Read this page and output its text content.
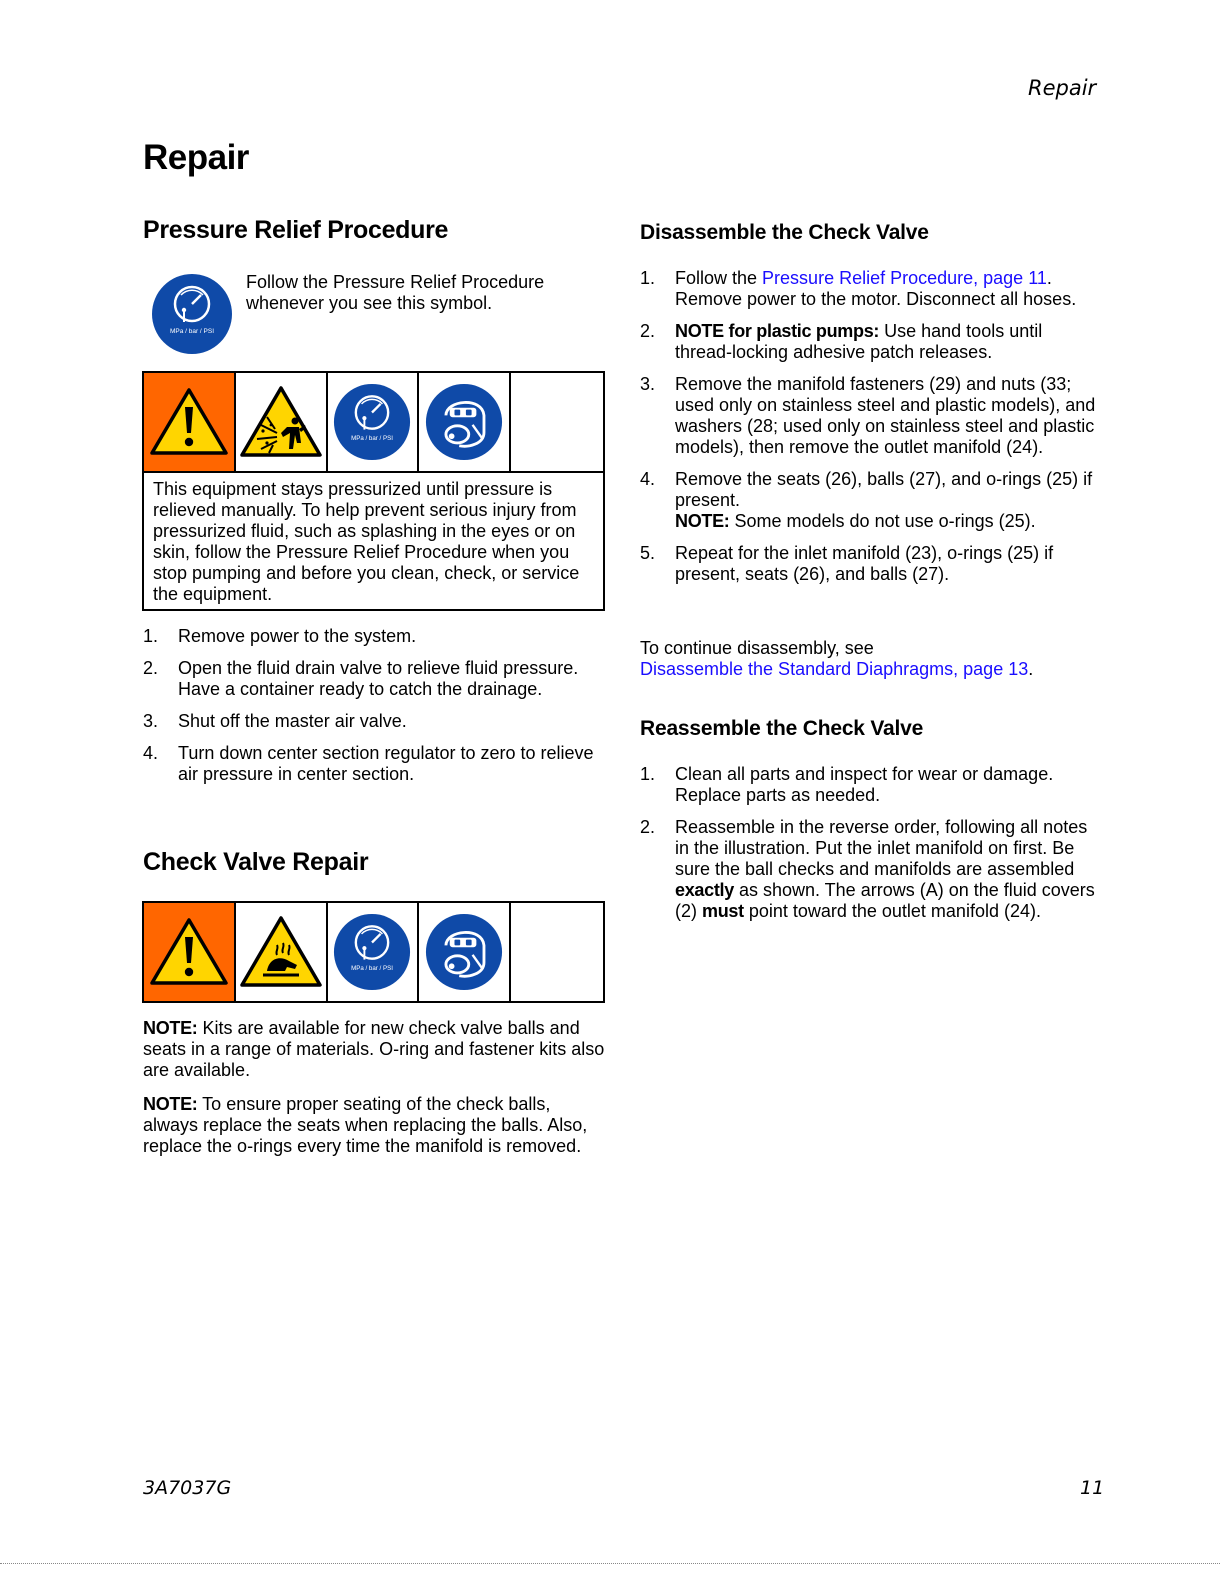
Repair
Repair
Pressure Relief Procedure
MPa / bar / PSI
Follow the Pressure Relief Procedure whenever you see this symbol.
MPa / bar / PSI
This equipment stays pressurized until pressure is relieved manually. To help prevent serious injury from pressurized fluid, such as splashing in the eyes or on skin, follow the Pressure Relief Procedure when you stop pumping and before you clean, check, or service the equipment.
1. Remove power to the system.
2. Open the fluid drain valve to relieve fluid pressure. Have a container ready to catch the drainage.
3. Shut off the master air valve.
4. Turn down center section regulator to zero to relieve air pressure in center section.
Check Valve Repair
MPa / bar / PSI
NOTE: Kits are available for new check valve balls and seats in a range of materials. O-ring and fastener kits also are available.
NOTE: To ensure proper seating of the check balls, always replace the seats when replacing the balls. Also, replace the o-rings every time the manifold is removed.
Disassemble the Check Valve
1. Follow the Pressure Relief Procedure, page 11. Remove power to the motor. Disconnect all hoses.
2. NOTE for plastic pumps: Use hand tools until thread-locking adhesive patch releases.
3. Remove the manifold fasteners (29) and nuts (33; used only on stainless steel and plastic models), and washers (28; used only on stainless steel and plastic models), then remove the outlet manifold (24).
4. Remove the seats (26), balls (27), and o-rings (25) if present.
NOTE: Some models do not use o-rings (25).
5. Repeat for the inlet manifold (23), o-rings (25) if present, seats (26), and balls (27).
To continue disassembly, see
Disassemble the Standard Diaphragms, page 13.
Reassemble the Check Valve
1. Clean all parts and inspect for wear or damage. Replace parts as needed.
2. Reassemble in the reverse order, following all notes in the illustration. Put the inlet manifold on first. Be sure the ball checks and manifolds are assembled exactly as shown. The arrows (A) on the fluid covers (2) must point toward the outlet manifold (24).
3A7037G	11
